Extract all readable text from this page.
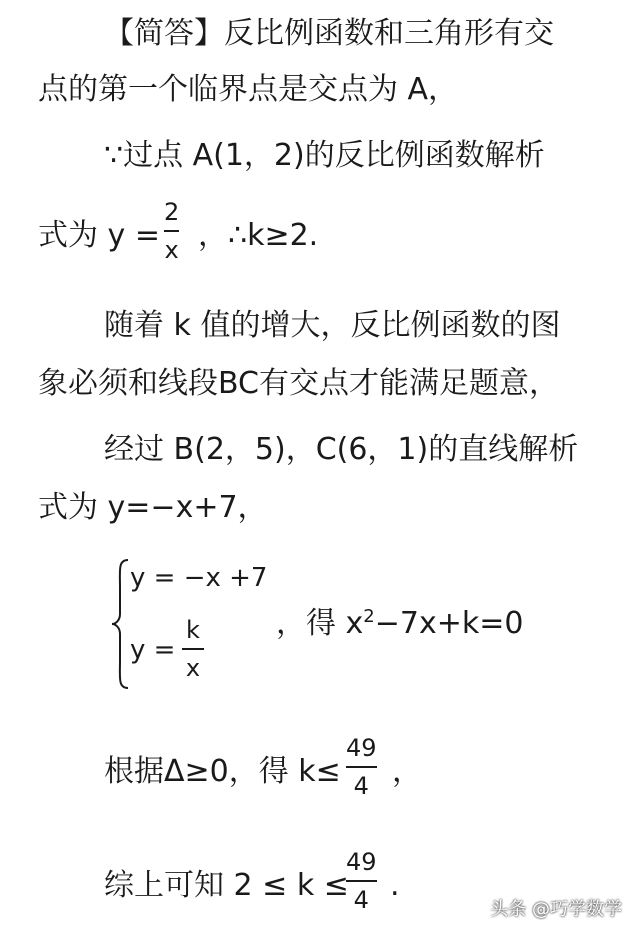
【简答】反比例函数和三角形有交
点的第一个临界点是交点为 A，
∵过点 A(1，2)的反比例函数解析
式为 y =
2
x ，∴k≥2.
随着 k 值的增大，反比例函数的图
象必须和线段BC有交点才能满足题意，
经过 B(2，5)，C(6，1)的直线解析
式为 y=−x+7，
y = −x +7
y =
k
x
，得 $x^2-7x+k=0$
根据Δ≥0，得 k≤
49
4 ，
综上可知 2 ≤ k ≤
49
4 .
头条 @巧学数学
